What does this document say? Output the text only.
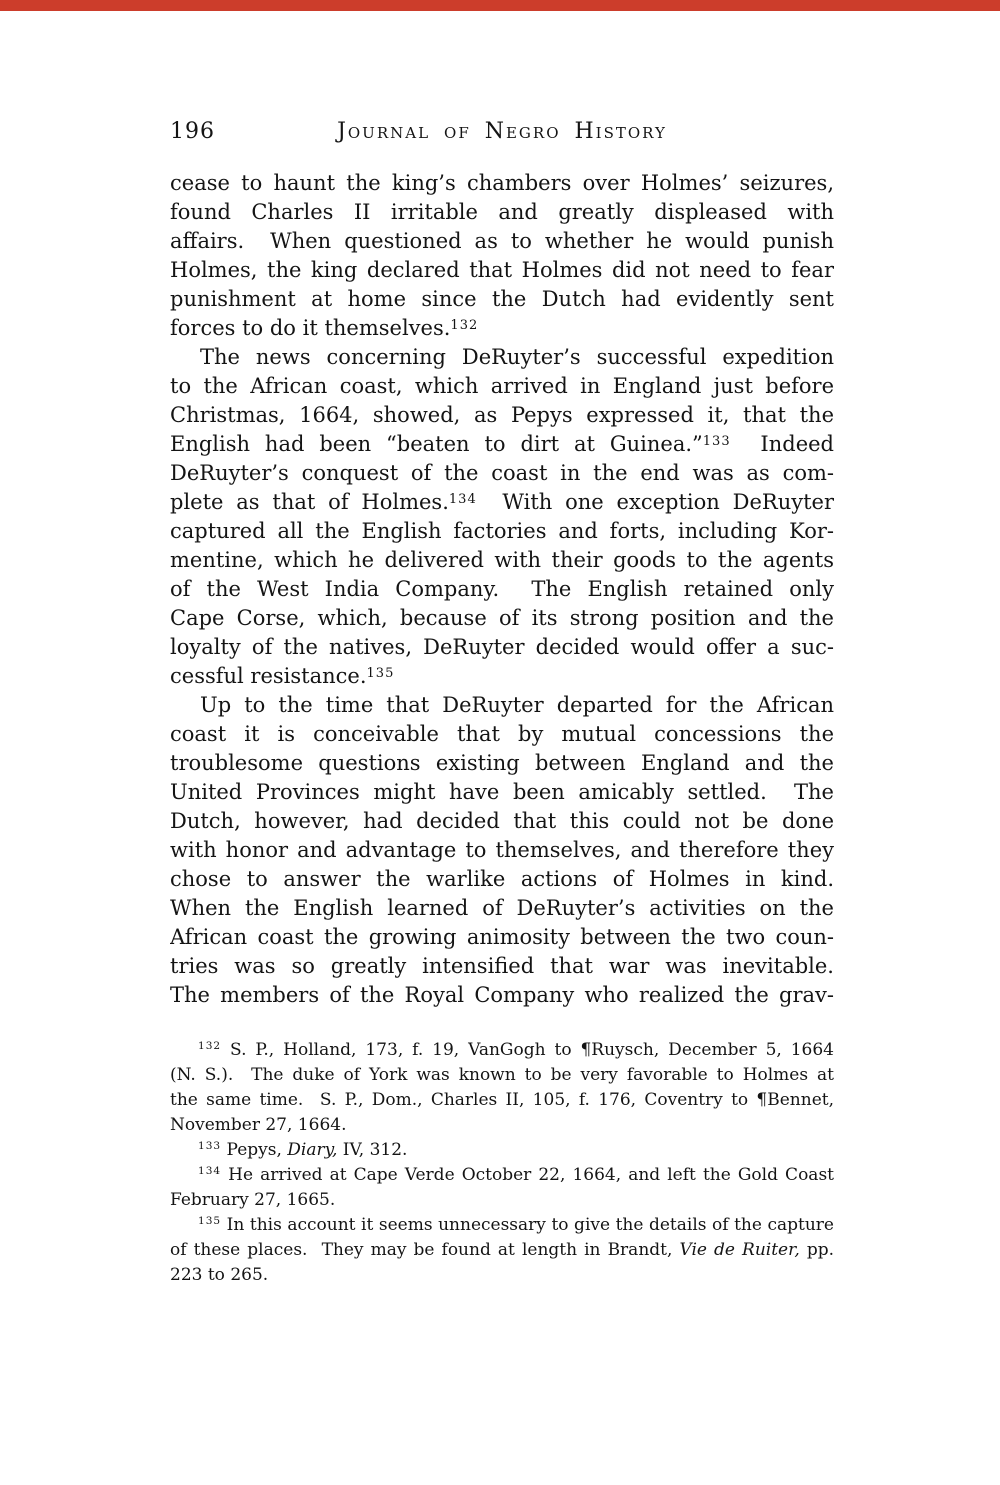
196	Journal of Negro History
cease to haunt the king’s chambers over Holmes’ seizures,
found Charles II irritable and greatly displeased with
affairs.  When questioned as to whether he would punish
Holmes, the king declared that Holmes did not need to fear
punishment at home since the Dutch had evidently sent
forces to do it themselves.$^{132}$
The news concerning DeRuyter’s successful expedition
to the African coast, which arrived in England just before
Christmas, 1664, showed, as Pepys expressed it, that the
English had been “beaten to dirt at Guinea.”$^{133}$  Indeed
DeRuyter’s conquest of the coast in the end was as com-
plete as that of Holmes.$^{134}$  With one exception DeRuyter
captured all the English factories and forts, including Kor-
mentine, which he delivered with their goods to the agents
of the West India Company.  The English retained only
Cape Corse, which, because of its strong position and the
loyalty of the natives, DeRuyter decided would offer a suc-
cessful resistance.$^{135}$
Up to the time that DeRuyter departed for the African
coast it is conceivable that by mutual concessions the
troublesome questions existing between England and the
United Provinces might have been amicably settled.  The
Dutch, however, had decided that this could not be done
with honor and advantage to themselves, and therefore they
chose to answer the warlike actions of Holmes in kind.
When the English learned of DeRuyter’s activities on the
African coast the growing animosity between the two coun-
tries was so greatly intensified that war was inevitable.
The members of the Royal Company who realized the grav-
$^{132}$ S. P., Holland, 173, f. 19, VanGogh to ¶Ruysch, December 5, 1664
(N. S.).  The duke of York was known to be very favorable to Holmes at
the same time.  S. P., Dom., Charles II, 105, f. 176, Coventry to ¶Bennet,
November 27, 1664.
$^{133}$ Pepys, Diary, IV, 312.
$^{134}$ He arrived at Cape Verde October 22, 1664, and left the Gold Coast
February 27, 1665.
$^{135}$ In this account it seems unnecessary to give the details of the capture
of these places.  They may be found at length in Brandt, Vie de Ruiter, pp.
223 to 265.
